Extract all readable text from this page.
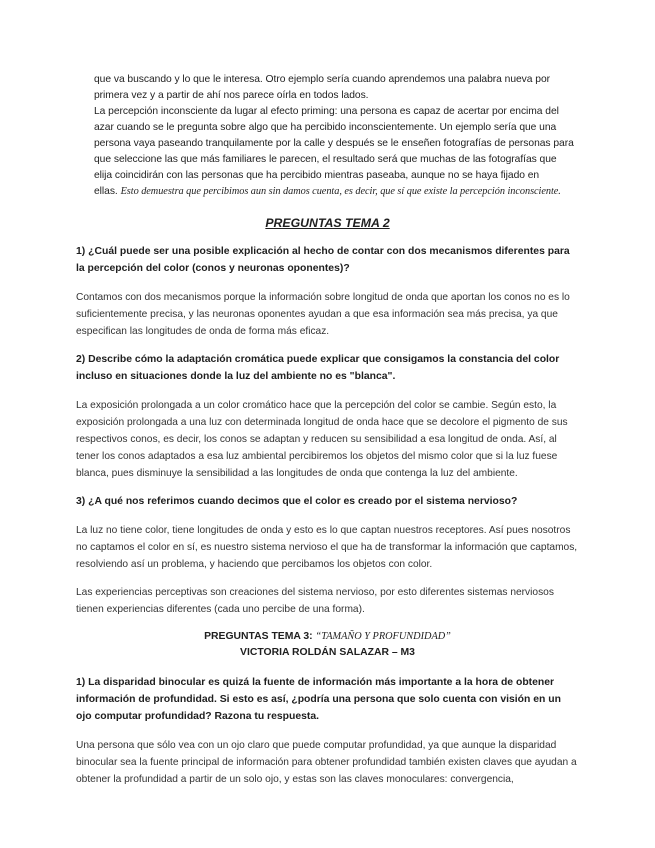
que va buscando y lo que le interesa. Otro ejemplo sería cuando aprendemos una palabra nueva por

primera vez y a partir de ahí nos parece oírla en todos lados.

La percepción inconsciente da lugar al efecto priming: una persona es capaz de acertar por encima del

azar cuando se le pregunta sobre algo que ha percibido inconscientemente. Un ejemplo sería que una

persona vaya paseando tranquilamente por la calle y después se le enseñen fotografías de personas para

que seleccione las que más familiares le parecen, el resultado será que muchas de las fotografías que

elija coincidirán con las personas que ha percibido mientras paseaba, aunque no se haya fijado en

ellas. Esto demuestra que percibimos aun sin damos cuenta, es decir, que sí que existe la percepción inconsciente.

PREGUNTAS TEMA 2

1) ¿Cuál puede ser una posible explicación al hecho de contar con dos mecanismos diferentes para la percepción del color (conos y neuronas oponentes)?

Contamos con dos mecanismos porque la información sobre longitud de onda que aportan los conos no es lo suficientemente precisa, y las neuronas oponentes ayudan a que esa información sea más precisa, ya que especifican las longitudes de onda de forma más eficaz.

2) Describe cómo la adaptación cromática puede explicar que consigamos la constancia del color incluso en situaciones donde la luz del ambiente no es "blanca".

La exposición prolongada a un color cromático hace que la percepción del color se cambie. Según esto, la exposición prolongada a una luz con determinada longitud de onda hace que se decolore el pigmento de sus respectivos conos, es decir, los conos se adaptan y reducen su sensibilidad a esa longitud de onda. Así, al tener los conos adaptados a esa luz ambiental percibiremos los objetos del mismo color que si la luz fuese blanca, pues disminuye la sensibilidad a las longitudes de onda que contenga la luz del ambiente.

3) ¿A qué nos referimos cuando decimos que el color es creado por el sistema nervioso?

La luz no tiene color, tiene longitudes de onda y esto es lo que captan nuestros receptores. Así pues nosotros no captamos el color en sí, es nuestro sistema nervioso el que ha de transformar la información que captamos, resolviendo así un problema, y haciendo que percibamos los objetos con color.

Las experiencias perceptivas son creaciones del sistema nervioso, por esto diferentes sistemas nerviosos tienen experiencias diferentes (cada uno percibe de una forma).

PREGUNTAS TEMA 3: “TAMAÑO Y PROFUNDIDAD”
VICTORIA ROLDÁN SALAZAR – M3

1) La disparidad binocular es quizá la fuente de información más importante a la hora de obtener información de profundidad. Si esto es así, ¿podría una persona que solo cuenta con visión en un ojo computar profundidad? Razona tu respuesta.

Una persona que sólo vea con un ojo claro que puede computar profundidad, ya que aunque la disparidad binocular sea la fuente principal de información para obtener profundidad también existen claves que ayudan a obtener la profundidad a partir de un solo ojo, y estas son las claves monoculares: convergencia,
